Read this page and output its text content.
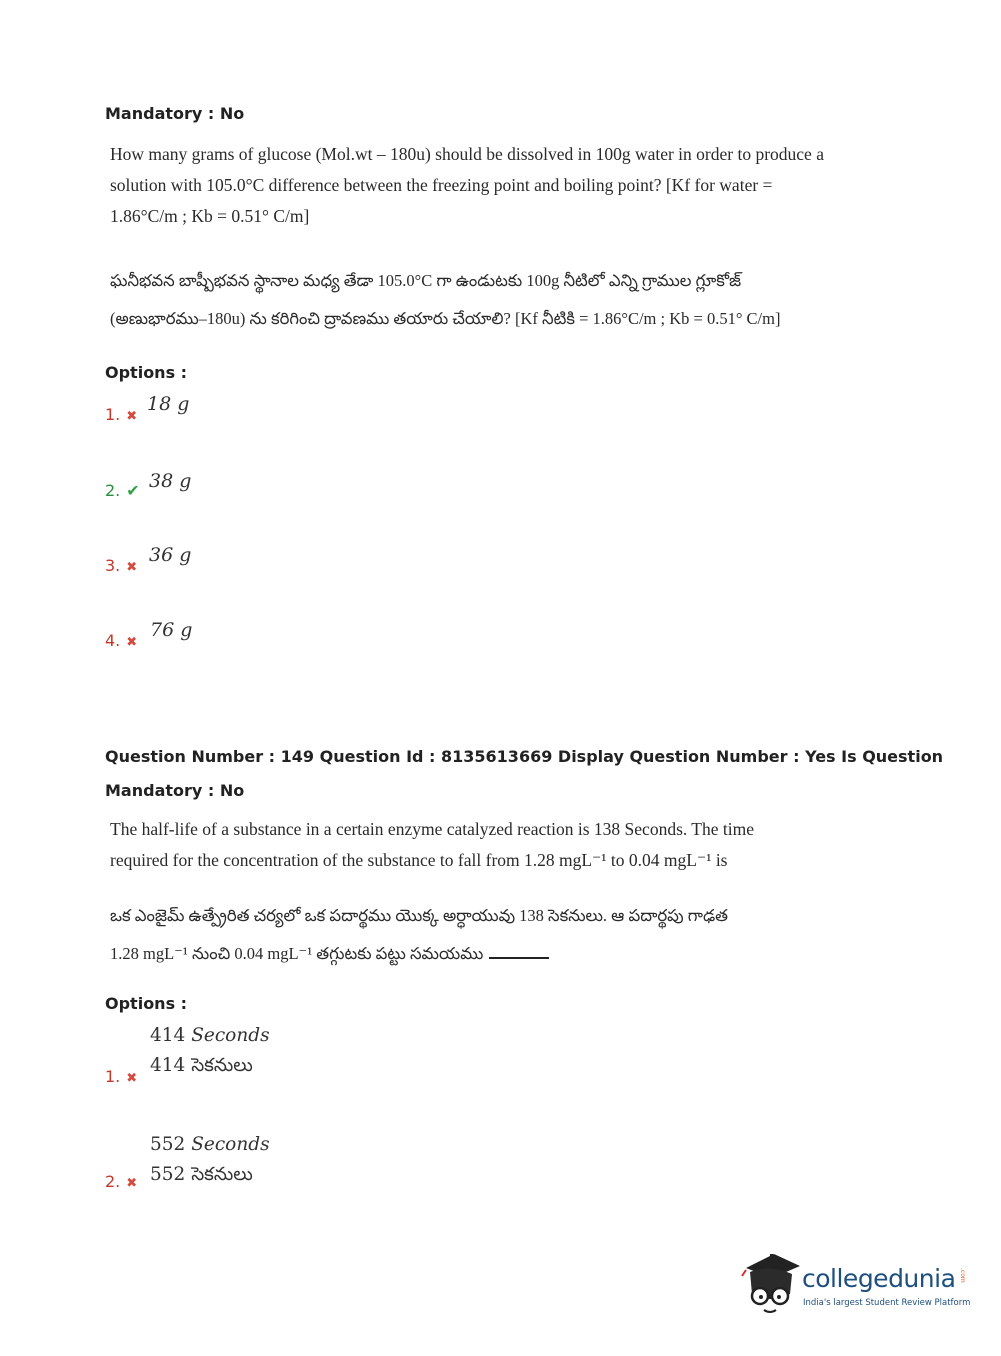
Mandatory : No
How many grams of glucose (Mol.wt – 180u) should be dissolved in 100g water in order to produce a
solution with 105.0°C difference between the freezing point and boiling point? [Kf for water =
1.86°C/m ; Kb = 0.51° C/m]
ఘనీభవన బాష్పీభవన స్థానాల మధ్య తేడా 105.0°C గా ఉండుటకు 100g నీటిలో ఎన్ని గ్రాముల గ్లూకోజ్
(అణుభారము–180u) ను కరిగించి ద్రావణము తయారు చేయాలి? [Kf నీటికి = 1.86°C/m ; Kb = 0.51° C/m]
Options :
1. ✖
18 g
2. ✔ 38 g
3. ✖
36 g
4. ✖
76 g
Question Number : 149 Question Id : 8135613669 Display Question Number : Yes Is Question
Mandatory : No
The half-life of a substance in a certain enzyme catalyzed reaction is 138 Seconds. The time
required for the concentration of the substance to fall from 1.28 mgL⁻¹ to 0.04 mgL⁻¹ is
ఒక ఎంజైమ్ ఉత్ప్రేరిత చర్యలో ఒక పదార్థము యొక్క అర్ధాయువు 138 సెకనులు. ఆ పదార్థపు గాఢత
1.28 mgL⁻¹ నుంచి 0.04 mgL⁻¹ తగ్గుటకు పట్టు సమయము
Options :
414 Seconds
414 సెకనులు
1. ✖
552 Seconds
552 సెకనులు
2. ✖
collegedunia .com
India's largest Student Review Platform
